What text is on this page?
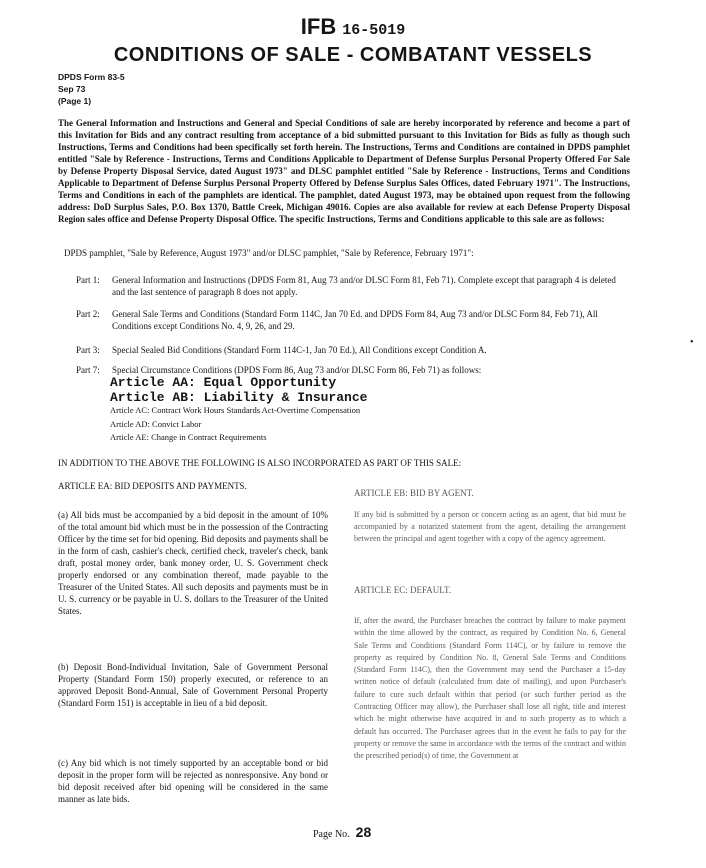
IFB 16-5019
CONDITIONS OF SALE - COMBATANT VESSELS
DPDS Form 83-5
Sep 73
(Page 1)

The General Information and Instructions and General and Special Conditions of sale are hereby incorporated by reference and become a part of this Invitation for Bids and any contract resulting from acceptance of a bid submitted pursuant to this Invitation for Bids as fully as though such Instructions, Terms and Conditions had been specifically set forth herein. The Instructions, Terms and Conditions are contained in DPDS pamphlet entitled "Sale by Reference - Instructions, Terms and Conditions Applicable to Department of Defense Surplus Personal Property Offered For Sale by Defense Property Disposal Service, dated August 1973" and DLSC pamphlet entitled "Sale by Reference - Instructions, Terms and Conditions Applicable to Department of Defense Surplus Personal Property Offered by Defense Surplus Sales Offices, dated February 1971". The Instructions, Terms and Conditions in each of the pamphlets are identical. The pamphlet, dated August 1973, may be obtained upon request from the following address: DoD Surplus Sales, P.O. Box 1370, Battle Creek, Michigan 49016. Copies are also available for review at each Defense Property Disposal Region sales office and Defense Property Disposal Office. The specific Instructions, Terms and Conditions applicable to this sale are as follows:

DPDS pamphlet, "Sale by Reference, August 1973" and/or DLSC pamphlet, "Sale by Reference, February 1971":

Part 1: General Information and Instructions (DPDS Form 81, Aug 73 and/or DLSC Form 81, Feb 71). Complete except that paragraph 4 is deleted and the last sentence of paragraph 8 does not apply.

Part 2: General Sale Terms and Conditions (Standard Form 114C, Jan 70 Ed. and DPDS Form 84, Aug 73 and/or DLSC Form 84, Feb 71), All Conditions except Conditions No. 4, 9, 26, and 29.

Part 3: Special Sealed Bid Conditions (Standard Form 114C-1, Jan 70 Ed.), All Conditions except Condition A.

Part 7: Special Circumstance Conditions (DPDS Form 86, Aug 73 and/or DLSC Form 86, Feb 71) as follows:

Article AA: Equal Opportunity
Article AB: Liability & Insurance
Article AC: Contract Work Hours Standards Act-Overtime Compensation
Article AD: Convict Labor
Article AE: Change in Contract Requirements
IN ADDITION TO THE ABOVE THE FOLLOWING IS ALSO INCORPORATED AS PART OF THIS SALE:
ARTICLE EA: BID DEPOSITS AND PAYMENTS.

(a) All bids must be accompanied by a bid deposit in the amount of 10% of the total amount bid which must be in the possession of the Contracting Officer by the time set for bid opening. Bid deposits and payments shall be in the form of cash, cashier's check, certified check, traveler's check, bank draft, postal money order, bank money order, U. S. Government check properly endorsed or any combination thereof, made payable to the Treasurer of the United States. All such deposits and payments must be in U. S. currency or be payable in U. S. dollars to the Treasurer of the United States.

(b) Deposit Bond-Individual Invitation, Sale of Government Personal Property (Standard Form 150) properly executed, or reference to an approved Deposit Bond-Annual, Sale of Government Personal Property (Standard Form 151) is acceptable in lieu of a bid deposit.

(c) Any bid which is not timely supported by an acceptable bond or bid deposit in the proper form will be rejected as nonresponsive. Any bond or bid deposit received after bid opening will be considered in the same manner as late bids.

ARTICLE EB: BID BY AGENT.

If any bid is submitted by a person or concern acting as an agent, that bid must be accompanied by a notarized statement from the agent, detailing the arrangement between the principal and agent together with a copy of the agency agreement.

ARTICLE EC: DEFAULT.

If, after the award, the Purchaser breaches the contract by failure to make payment within the time allowed by the contract, as required by Condition No. 6, General Sale Terms and Conditions (Standard Form 114C), or by failure to remove the property as required by Condition No. 8, General Sale Terms and Conditions (Standard Form 114C), then the Government may send the Purchaser a 15-day written notice of default (calculated from date of mailing), and upon Purchaser's failure to cure such default within that period (or such further period as the Contracting Officer may allow), the Purchaser shall lose all right, title and interest which he might otherwise have acquired in and to such property as to which a default has occurred. The Purchaser agrees that in the event he fails to pay for the property or remove the same in accordance with the terms of the contract and within the prescribed period(s) of time, the Government at

•
Page No. 28
